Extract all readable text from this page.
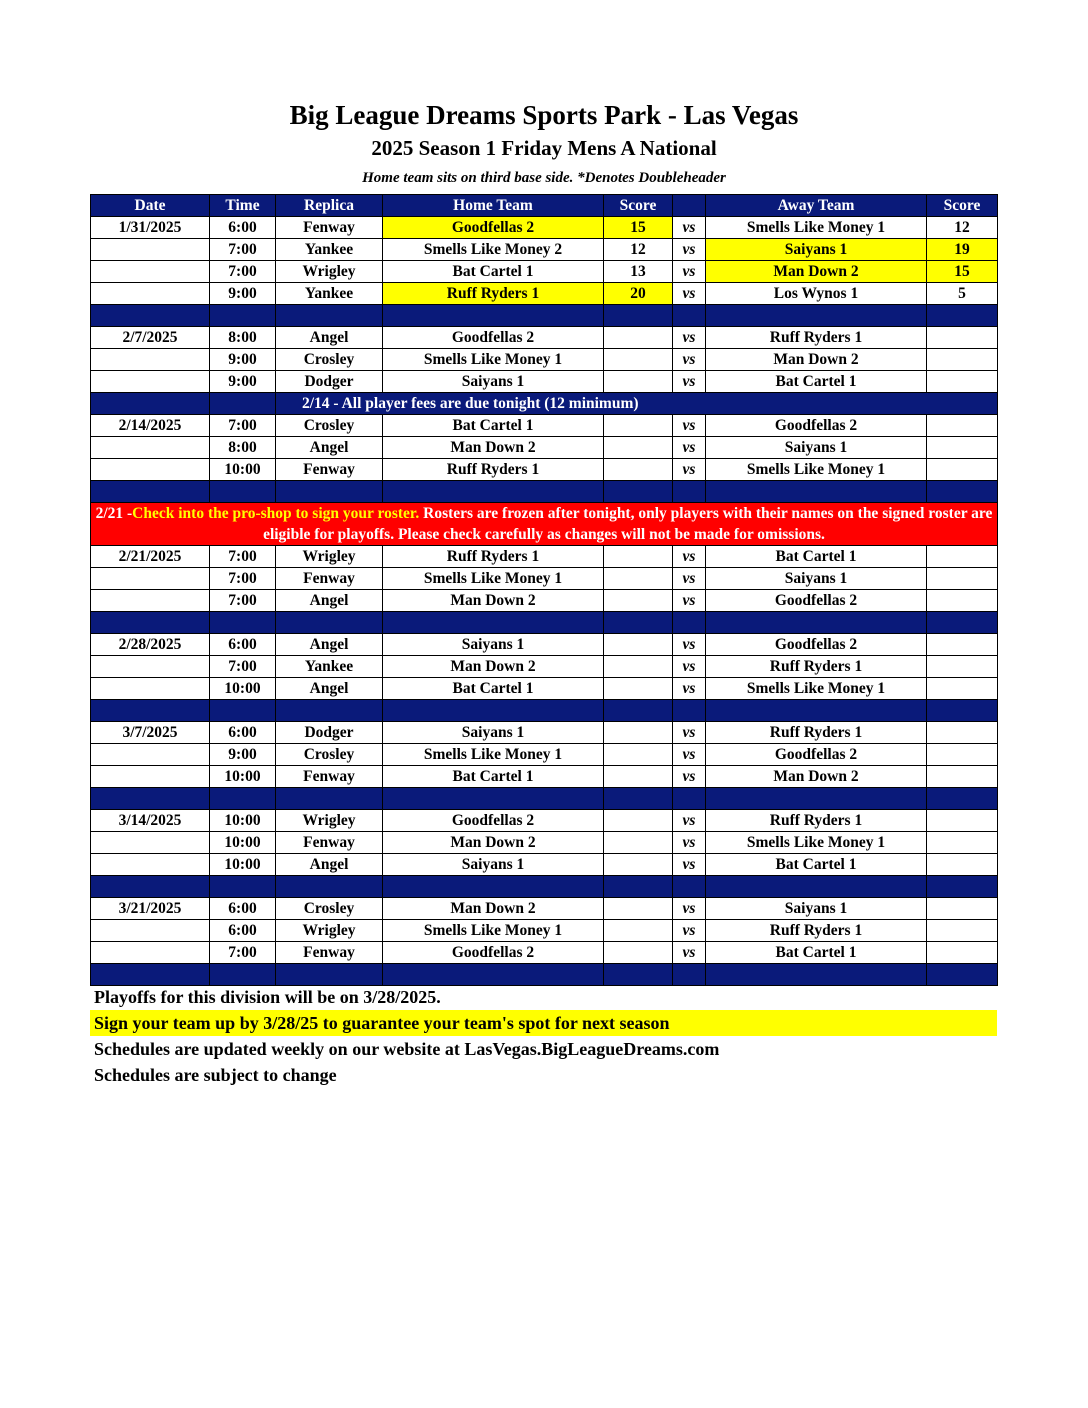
Big League Dreams Sports Park - Las Vegas
2025 Season 1 Friday Mens A National
Home team sits on third base side. *Denotes Doubleheader
Date	Time	Replica	Home Team	Score		Away Team	Score
1/31/2025	6:00	Fenway	Goodfellas 2	15	vs	Smells Like Money 1	12
	7:00	Yankee	Smells Like Money 2	12	vs	Saiyans 1	19
	7:00	Wrigley	Bat Cartel 1	13	vs	Man Down 2	15
	9:00	Yankee	Ruff Ryders 1	20	vs	Los Wynos 1	5

2/7/2025	8:00	Angel	Goodfellas 2		vs	Ruff Ryders 1	
	9:00	Crosley	Smells Like Money 1		vs	Man Down 2	
	9:00	Dodger	Saiyans 1		vs	Bat Cartel 1	
		2/14 - All player fees are due tonight (12 minimum)					
2/14/2025	7:00	Crosley	Bat Cartel 1		vs	Goodfellas 2	
	8:00	Angel	Man Down 2		vs	Saiyans 1	
	10:00	Fenway	Ruff Ryders 1		vs	Smells Like Money 1	

2/21 -Check into the pro-shop to sign your roster. Rosters are frozen after tonight, only players with their names on the signed roster are eligible for playoffs. Please check carefully as changes will not be made for omissions.							
2/21/2025	7:00	Wrigley	Ruff Ryders 1		vs	Bat Cartel 1	
	7:00	Fenway	Smells Like Money 1		vs	Saiyans 1	
	7:00	Angel	Man Down 2		vs	Goodfellas 2	

2/28/2025	6:00	Angel	Saiyans 1		vs	Goodfellas 2	
	7:00	Yankee	Man Down 2		vs	Ruff Ryders 1	
	10:00	Angel	Bat Cartel 1		vs	Smells Like Money 1	

3/7/2025	6:00	Dodger	Saiyans 1		vs	Ruff Ryders 1	
	9:00	Crosley	Smells Like Money 1		vs	Goodfellas 2	
	10:00	Fenway	Bat Cartel 1		vs	Man Down 2	

3/14/2025	10:00	Wrigley	Goodfellas 2		vs	Ruff Ryders 1	
	10:00	Fenway	Man Down 2		vs	Smells Like Money 1	
	10:00	Angel	Saiyans 1		vs	Bat Cartel 1	

3/21/2025	6:00	Crosley	Man Down 2		vs	Saiyans 1	
	6:00	Wrigley	Smells Like Money 1		vs	Ruff Ryders 1	
	7:00	Fenway	Goodfellas 2		vs	Bat Cartel 1	

Playoffs for this division will be on 3/28/2025.
Sign your team up by 3/28/25 to guarantee your team's spot for next season
Schedules are updated weekly on our website at LasVegas.BigLeagueDreams.com
Schedules are subject to change
